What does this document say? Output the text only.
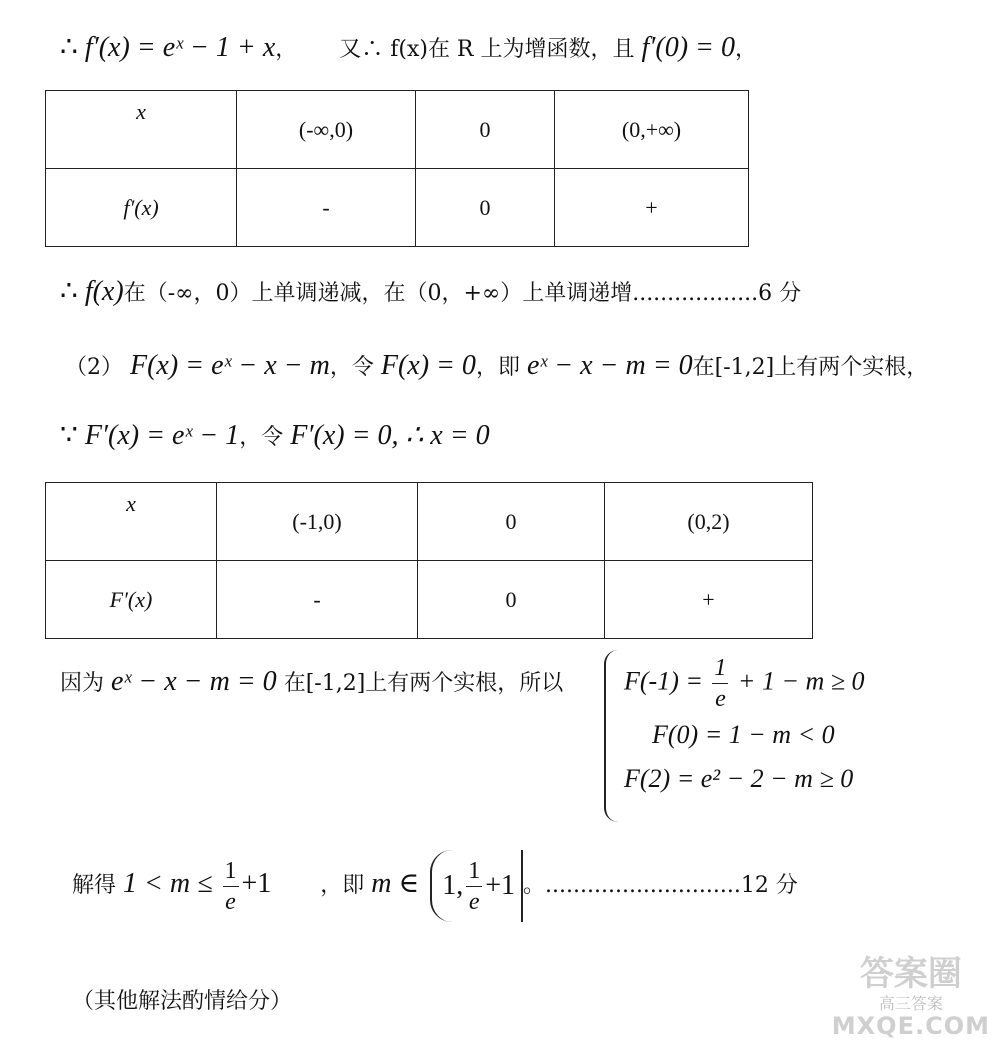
∴ f′(x) = eˣ − 1 + x， 又∴ f(x)在 R 上为增函数，且 f′(0) = 0，
x	(-∞,0)	0	(0,+∞)
f′(x)	-	0	+
∴ f(x)在（-∞，0）上单调递减，在（0，+∞）上单调递增..................6 分
（2） F(x) = eˣ − x − m，令 F(x) = 0，即 eˣ − x − m = 0在[-1,2]上有两个实根，
∵ F′(x) = eˣ − 1，令 F′(x) = 0, ∴ x = 0
x	(-1,0)	0	(0,2)
F′(x)	-	0	+
因为 eˣ − x − m = 0 在[-1,2]上有两个实根，所以 $F(-1) = \frac{1}{e} + 1 - m \ge 0$
F(0) = 1 − m < 0
F(2) = e² − 2 − m ≥ 0
解得 $1 < m \le \frac{1}{e} +1$ ，即 m ∈ 1, $\frac{1}{e} +1$ 。............................12 分
（其他解法酌情给分）
答案圈
高三答案
MXQE.COM
